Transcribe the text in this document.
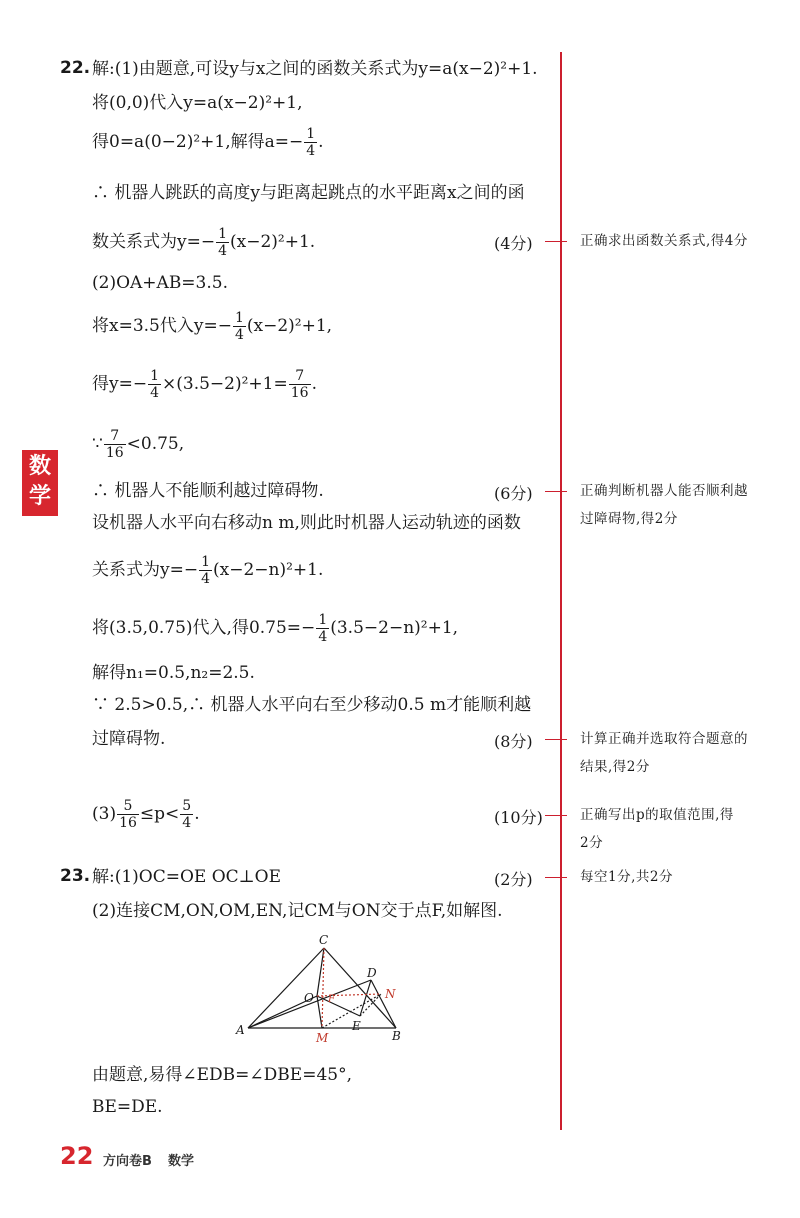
数学
22. 解:(1)由题意,可设y与x之间的函数关系式为y=a(x−2)²+1.
将(0,0)代入y=a(x−2)²+1,
得0=a(0−2)²+1,解得$a=- \frac{1}{4}$ .
∴ 机器人跳跃的高度y与距离起跳点的水平距离x之间的函
数关系式为$y=- \frac{1}{4} (x-2)^2+1$.	(4分)	正确求出函数关系式,得4分
(2)OA+AB=3.5.
将x=3.5代入$y=- \frac{1}{4} (x-2)^2+1$,
得$y=- \frac{1}{4} \times(3.5-2)^2+1= \frac{7}{16}$ .
∵ $\frac{7}{16} <0.75$,
∴ 机器人不能顺利越过障碍物.	(6分)	正确判断机器人能否顺利越
过障碍物,得2分
设机器人水平向右移动n m,则此时机器人运动轨迹的函数
关系式为$y=- \frac{1}{4} (x-2-n)^2+1$.
将(3.5,0.75)代入,得$0.75=- \frac{1}{4} (3.5-2-n)^2+1$,
解得n₁=0.5,n₂=2.5.
∵ 2.5>0.5,∴ 机器人水平向右至少移动0.5 m才能顺利越
过障碍物.	(8分)	计算正确并选取符合题意的
结果,得2分
$(3) \frac{5}{16} \le p< \frac{5}{4}$ .	(10分)	正确写出p的取值范围,得
2分
23. 解:(1)OC=OE OC⊥OE	(2分)	每空1分,共2分
(2)连接CM,ON,OM,EN,记CM与ON交于点F,如解图.
C
D
O F	N
A
M
E
B
由题意,易得∠EDB=∠DBE=45°,
BE=DE.
22 方向卷B 数学
